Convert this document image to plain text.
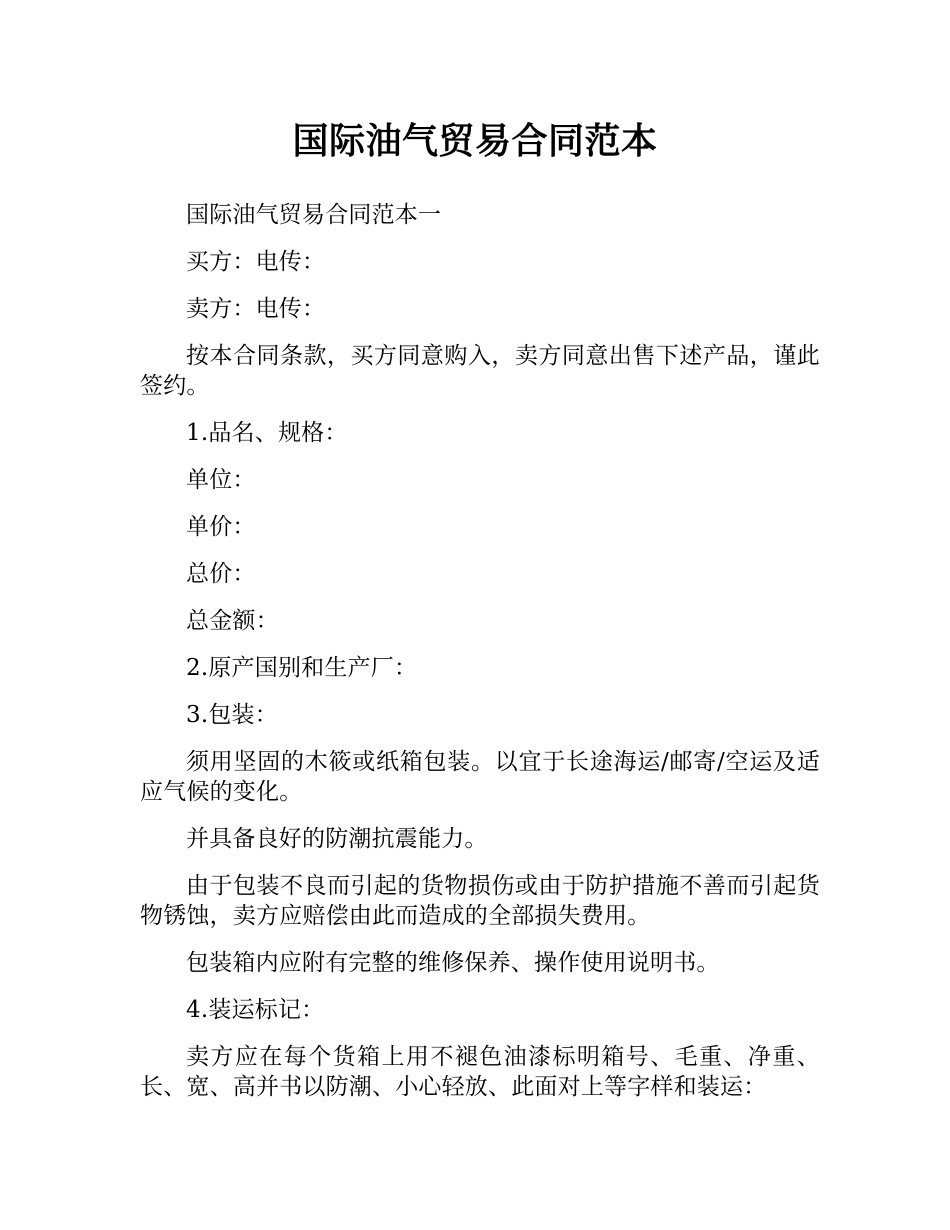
国际油气贸易合同范本

国际油气贸易合同范本一

买方：电传：

卖方：电传：

按本合同条款，买方同意购入，卖方同意出售下述产品，谨此签约。

1.品名、规格：

单位：

单价：

总价：

总金额：

2.原产国别和生产厂：

3.包装：

须用坚固的木筱或纸箱包装。以宜于长途海运/邮寄/空运及适应气候的变化。

并具备良好的防潮抗震能力。

由于包装不良而引起的货物损伤或由于防护措施不善而引起货物锈蚀，卖方应赔偿由此而造成的全部损失费用。

包装箱内应附有完整的维修保养、操作使用说明书。

4.装运标记：

卖方应在每个货箱上用不褪色油漆标明箱号、毛重、净重、长、宽、高并书以防潮、小心轻放、此面对上等字样和装运：
